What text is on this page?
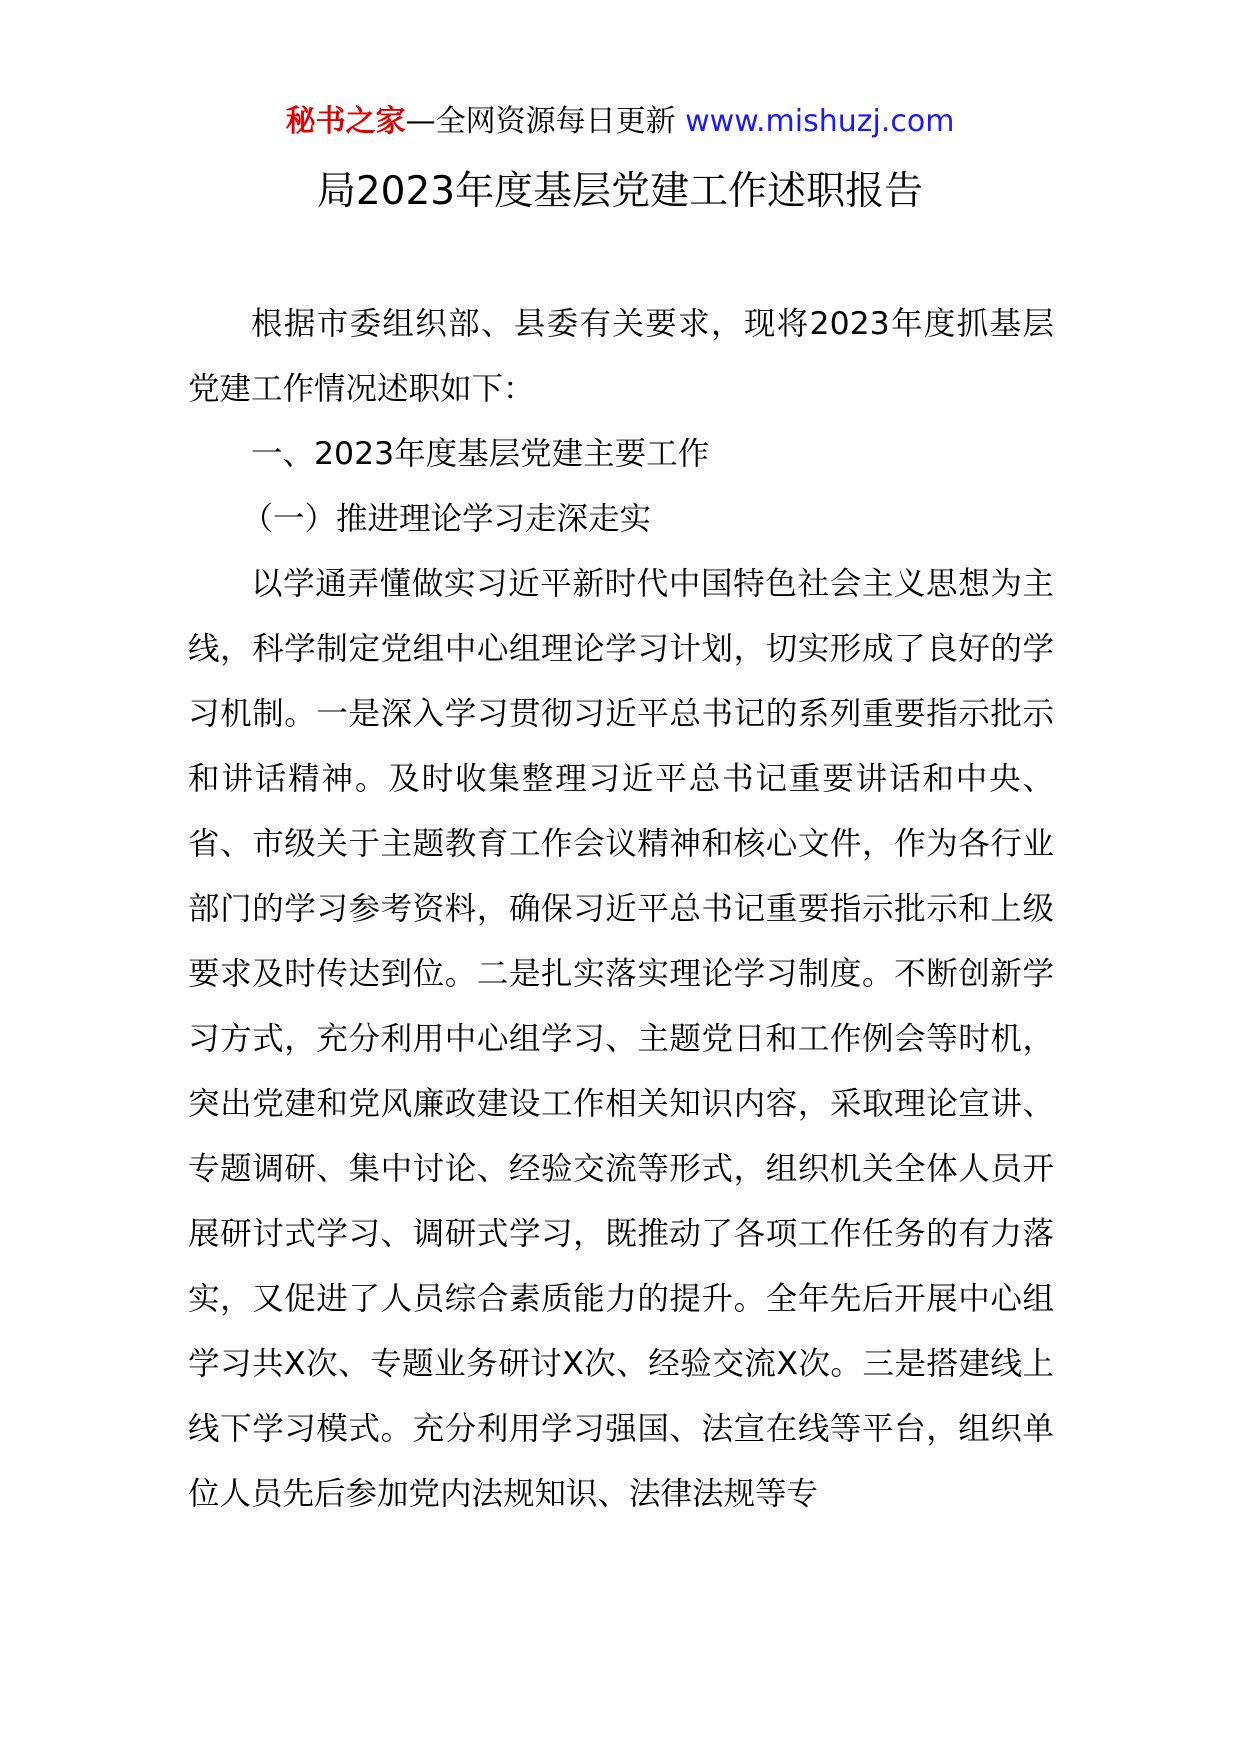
秘书之家—全网资源每日更新 www.mishuzj.com
局2023年度基层党建工作述职报告

根据市委组织部、县委有关要求，现将2023年度抓基层党建工作情况述职如下：

一、2023年度基层党建主要工作

（一）推进理论学习走深走实

以学通弄懂做实习近平新时代中国特色社会主义思想为主线，科学制定党组中心组理论学习计划，切实形成了良好的学习机制。一是深入学习贯彻习近平总书记的系列重要指示批示和讲话精神。及时收集整理习近平总书记重要讲话和中央、省、市级关于主题教育工作会议精神和核心文件，作为各行业部门的学习参考资料，确保习近平总书记重要指示批示和上级要求及时传达到位。二是扎实落实理论学习制度。不断创新学习方式，充分利用中心组学习、主题党日和工作例会等时机，突出党建和党风廉政建设工作相关知识内容，采取理论宣讲、专题调研、集中讨论、经验交流等形式，组织机关全体人员开展研讨式学习、调研式学习，既推动了各项工作任务的有力落实，又促进了人员综合素质能力的提升。全年先后开展中心组学习共X次、专题业务研讨X次、经验交流X次。三是搭建线上线下学习模式。充分利用学习强国、法宣在线等平台，组织单位人员先后参加党内法规知识、法律法规等专
